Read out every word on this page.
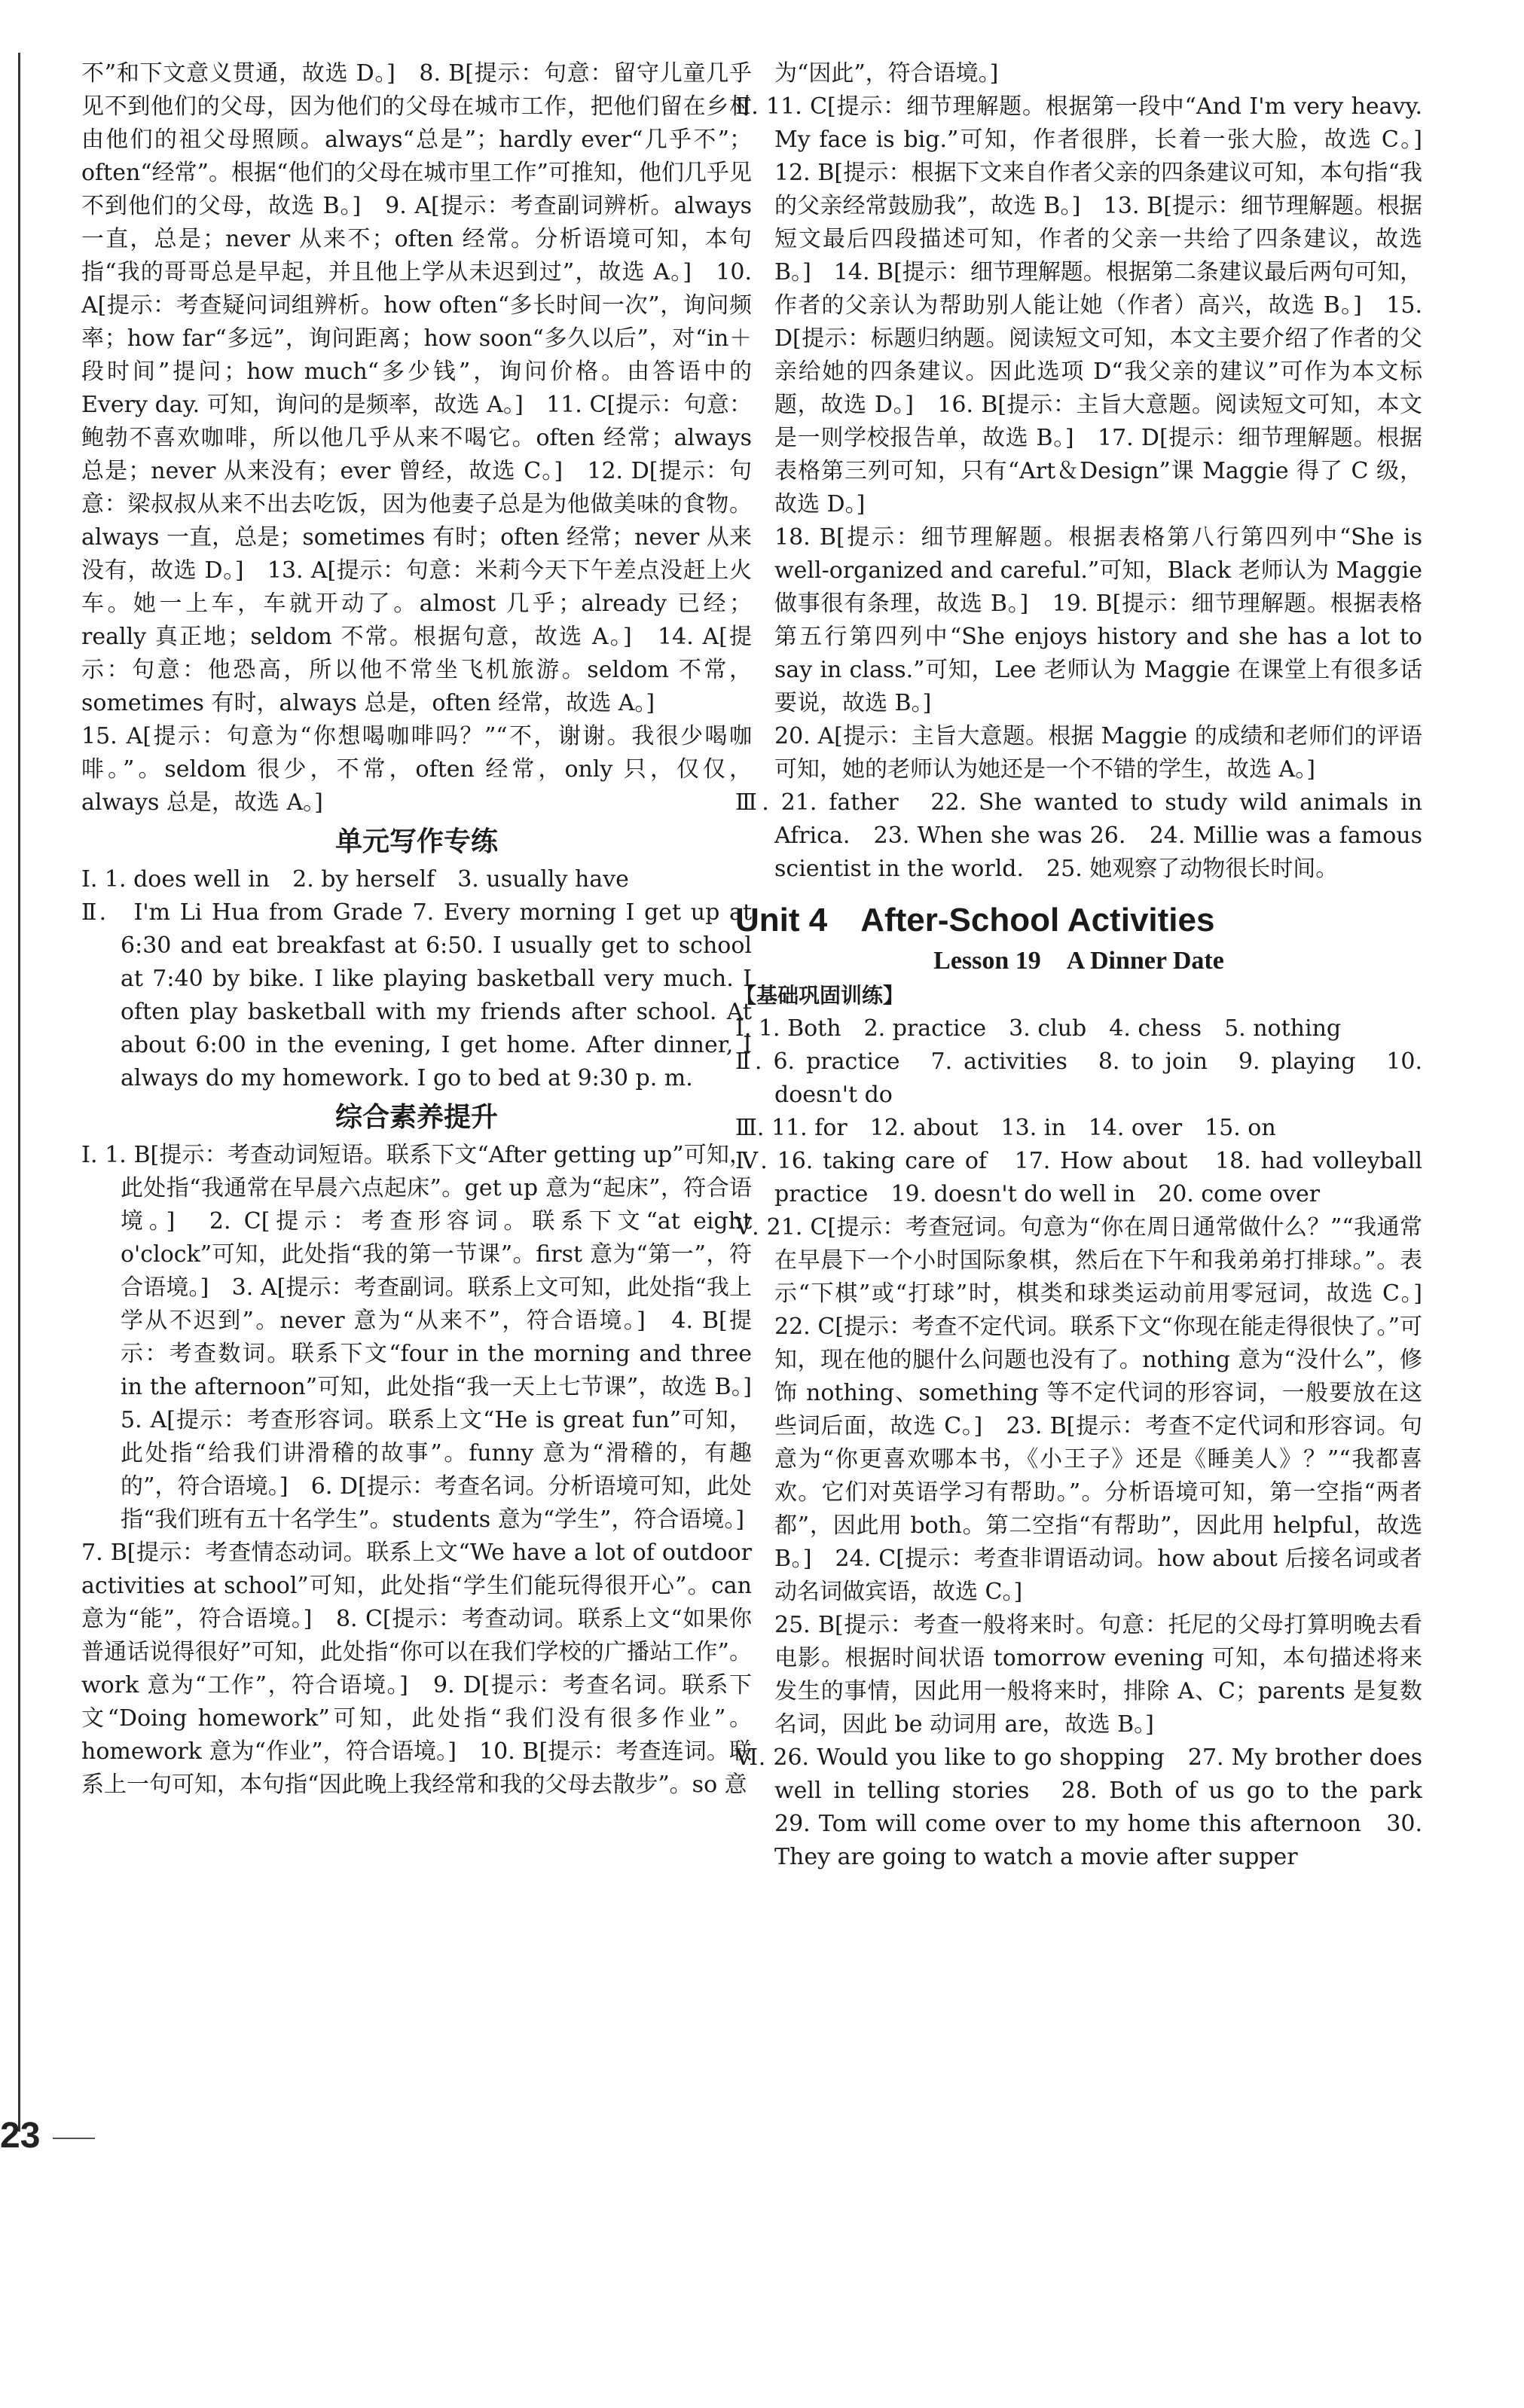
不”和下文意义贯通，故选 D。]　8. B[提示：句意：留守儿童几乎见不到他们的父母，因为他们的父母在城市工作，把他们留在乡村由他们的祖父母照顾。always“总是”；hardly ever“几乎不”；often“经常”。根据“他们的父母在城市里工作”可推知，他们几乎见不到他们的父母，故选 B。]　9. A[提示：考查副词辨析。always 一直，总是；never 从来不；often 经常。分析语境可知，本句指“我的哥哥总是早起，并且他上学从未迟到过”，故选 A。]　10. A[提示：考查疑问词组辨析。how often“多长时间一次”，询问频率；how far“多远”，询问距离；how soon“多久以后”，对“in＋段时间”提问；how much“多少钱”，询问价格。由答语中的 Every day. 可知，询问的是频率，故选 A。]　11. C[提示：句意：鲍勃不喜欢咖啡，所以他几乎从来不喝它。often 经常；always 总是；never 从来没有；ever 曾经，故选 C。]　12. D[提示：句意：梁叔叔从来不出去吃饭，因为他妻子总是为他做美味的食物。always 一直，总是；sometimes 有时；often 经常；never 从来没有，故选 D。]　13. A[提示：句意：米莉今天下午差点没赶上火车。她一上车，车就开动了。almost 几乎；already 已经；really 真正地；seldom 不常。根据句意，故选 A。]　14. A[提示：句意：他恐高，所以他不常坐飞机旅游。seldom 不常，sometimes 有时，always 总是，often 经常，故选 A。]

15. A[提示：句意为“你想喝咖啡吗？”“不，谢谢。我很少喝咖啡。”。seldom 很少，不常，often 经常，only 只，仅仅，always 总是，故选 A。]

单元写作专练

Ⅰ. 1. does well in　2. by herself　3. usually have

Ⅱ.　I'm Li Hua from Grade 7. Every morning I get up at 6:30 and eat breakfast at 6:50. I usually get to school at 7:40 by bike. I like playing basketball very much. I often play basketball with my friends after school. At about 6:00 in the evening, I get home. After dinner, I always do my homework. I go to bed at 9:30 p. m.

综合素养提升

Ⅰ. 1. B[提示：考查动词短语。联系下文“After getting up”可知，此处指“我通常在早晨六点起床”。get up 意为“起床”，符合语境。]　2. C[提示：考查形容词。联系下文“at eight o'clock”可知，此处指“我的第一节课”。first 意为“第一”，符合语境。]　3. A[提示：考查副词。联系上文可知，此处指“我上学从不迟到”。never 意为“从来不”，符合语境。]　4. B[提示：考查数词。联系下文“four in the morning and three in the afternoon”可知，此处指“我一天上七节课”，故选 B。]　5. A[提示：考查形容词。联系上文“He is great fun”可知，此处指“给我们讲滑稽的故事”。funny 意为“滑稽的，有趣的”，符合语境。]　6. D[提示：考查名词。分析语境可知，此处指“我们班有五十名学生”。students 意为“学生”，符合语境。]

7. B[提示：考查情态动词。联系上文“We have a lot of outdoor activities at school”可知，此处指“学生们能玩得很开心”。can 意为“能”，符合语境。]　8. C[提示：考查动词。联系上文“如果你普通话说得很好”可知，此处指“你可以在我们学校的广播站工作”。work 意为“工作”，符合语境。]　9. D[提示：考查名词。联系下文“Doing homework”可知，此处指“我们没有很多作业”。homework 意为“作业”，符合语境。]　10. B[提示：考查连词。联系上一句可知，本句指“因此晚上我经常和我的父母去散步”。so 意

为“因此”，符合语境。]

Ⅱ. 11. C[提示：细节理解题。根据第一段中“And I'm very heavy. My face is big.”可知，作者很胖，长着一张大脸，故选 C。]　12. B[提示：根据下文来自作者父亲的四条建议可知，本句指“我的父亲经常鼓励我”，故选 B。]　13. B[提示：细节理解题。根据短文最后四段描述可知，作者的父亲一共给了四条建议，故选 B。]　14. B[提示：细节理解题。根据第二条建议最后两句可知，作者的父亲认为帮助别人能让她（作者）高兴，故选 B。]　15. D[提示：标题归纳题。阅读短文可知，本文主要介绍了作者的父亲给她的四条建议。因此选项 D“我父亲的建议”可作为本文标题，故选 D。]　16. B[提示：主旨大意题。阅读短文可知，本文是一则学校报告单，故选 B。]　17. D[提示：细节理解题。根据表格第三列可知，只有“Art＆Design”课 Maggie 得了 C 级，故选 D。]

18. B[提示：细节理解题。根据表格第八行第四列中“She is well-organized and careful.”可知，Black 老师认为 Maggie 做事很有条理，故选 B。]　19. B[提示：细节理解题。根据表格第五行第四列中“She enjoys history and she has a lot to say in class.”可知，Lee 老师认为 Maggie 在课堂上有很多话要说，故选 B。]

20. A[提示：主旨大意题。根据 Maggie 的成绩和老师们的评语可知，她的老师认为她还是一个不错的学生，故选 A。]

Ⅲ. 21. father　22. She wanted to study wild animals in Africa.　23. When she was 26.　24. Millie was a famous scientist in the world.　25. 她观察了动物很长时间。

Unit 4　After-School Activities
Lesson 19　A Dinner Date
【基础巩固训练】

Ⅰ. 1. Both　2. practice　3. club　4. chess　5. nothing

Ⅱ. 6. practice　7. activities　8. to join　9. playing　10. doesn't do

Ⅲ. 11. for　12. about　13. in　14. over　15. on

Ⅳ. 16. taking care of　17. How about　18. had volleyball practice　19. doesn't do well in　20. come over

Ⅴ. 21. C[提示：考查冠词。句意为“你在周日通常做什么？”“我通常在早晨下一个小时国际象棋，然后在下午和我弟弟打排球。”。表示“下棋”或“打球”时，棋类和球类运动前用零冠词，故选 C。]　22. C[提示：考查不定代词。联系下文“你现在能走得很快了。”可知，现在他的腿什么问题也没有了。nothing 意为“没什么”，修饰 nothing、something 等不定代词的形容词，一般要放在这些词后面，故选 C。]　23. B[提示：考查不定代词和形容词。句意为“你更喜欢哪本书，《小王子》还是《睡美人》？”“我都喜欢。它们对英语学习有帮助。”。分析语境可知，第一空指“两者都”，因此用 both。第二空指“有帮助”，因此用 helpful，故选 B。]　24. C[提示：考查非谓语动词。how about 后接名词或者动名词做宾语，故选 C。]

25. B[提示：考查一般将来时。句意：托尼的父母打算明晚去看电影。根据时间状语 tomorrow evening 可知，本句描述将来发生的事情，因此用一般将来时，排除 A、C；parents 是复数名词，因此 be 动词用 are，故选 B。]

Ⅵ. 26. Would you like to go shopping　27. My brother does well in telling stories　28. Both of us go to the park　29. Tom will come over to my home this afternoon　30. They are going to watch a movie after supper

23
